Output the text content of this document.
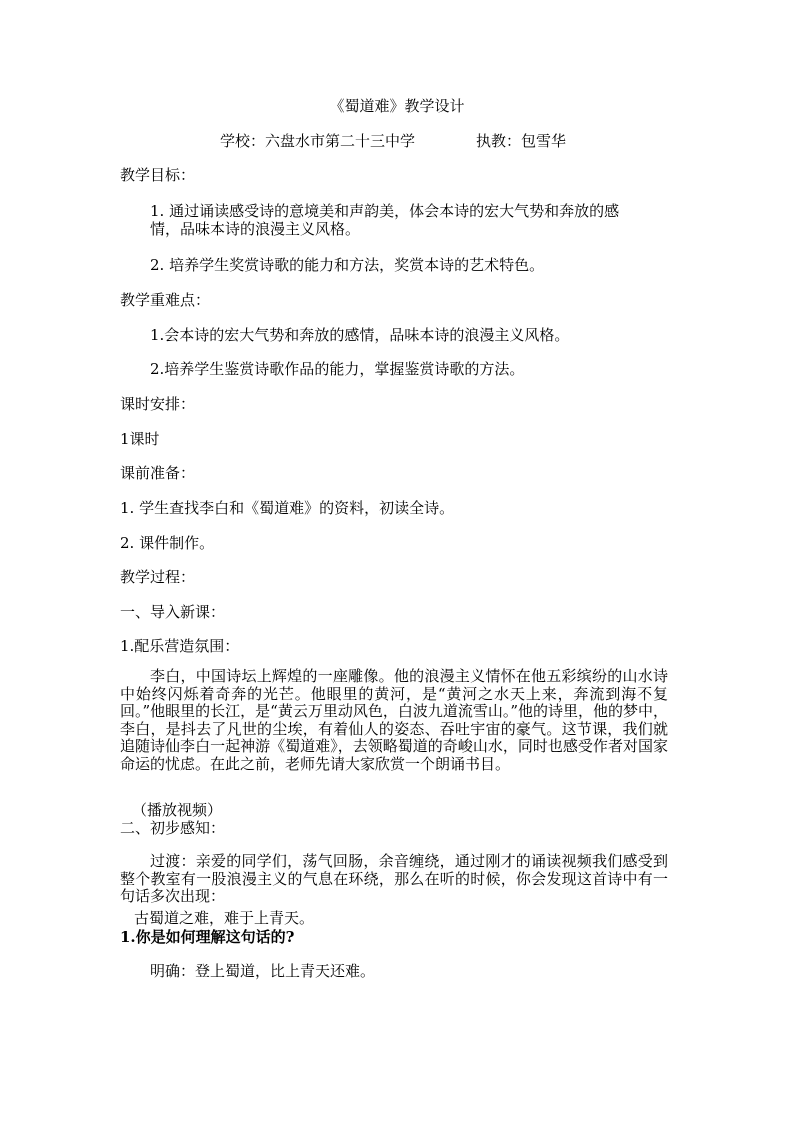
《蜀道难》教学设计
学校：六盘水市第二十三中学	执教：包雪华
教学目标：
1. 通过诵读感受诗的意境美和声韵美，体会本诗的宏大气势和奔放的感
情，品味本诗的浪漫主义风格。
2. 培养学生奖赏诗歌的能力和方法，奖赏本诗的艺术特色。
教学重难点：
1.会本诗的宏大气势和奔放的感情，品味本诗的浪漫主义风格。
2.培养学生鉴赏诗歌作品的能力，掌握鉴赏诗歌的方法。
课时安排：
1课时
课前准备：
1. 学生查找李白和《蜀道难》的资料，初读全诗。
2. 课件制作。
教学过程：
一、导入新课：
1.配乐营造氛围：
李白，中国诗坛上辉煌的一座雕像。他的浪漫主义情怀在他五彩缤纷的山水诗中始终闪烁着奇奔的光芒。他眼里的黄河，是“黄河之水天上来，奔流到海不复回。”他眼里的长江，是“黄云万里动风色，白波九道流雪山。”他的诗里，他的梦中，李白，是抖去了凡世的尘埃，有着仙人的姿态、吞吐宇宙的豪气。这节课，我们就追随诗仙李白一起神游《蜀道难》，去领略蜀道的奇峻山水，同时也感受作者对国家命运的忧虑。在此之前，老师先请大家欣赏一个朗诵书目。
（播放视频）
二、初步感知：
过渡：亲爱的同学们，荡气回肠，余音缠绕，通过刚才的诵读视频我们感受到整个教室有一股浪漫主义的气息在环绕，那么在听的时候，你会发现这首诗中有一句话多次出现：
古蜀道之难，难于上青天。
1.你是如何理解这句话的?
明确：登上蜀道，比上青天还难。
